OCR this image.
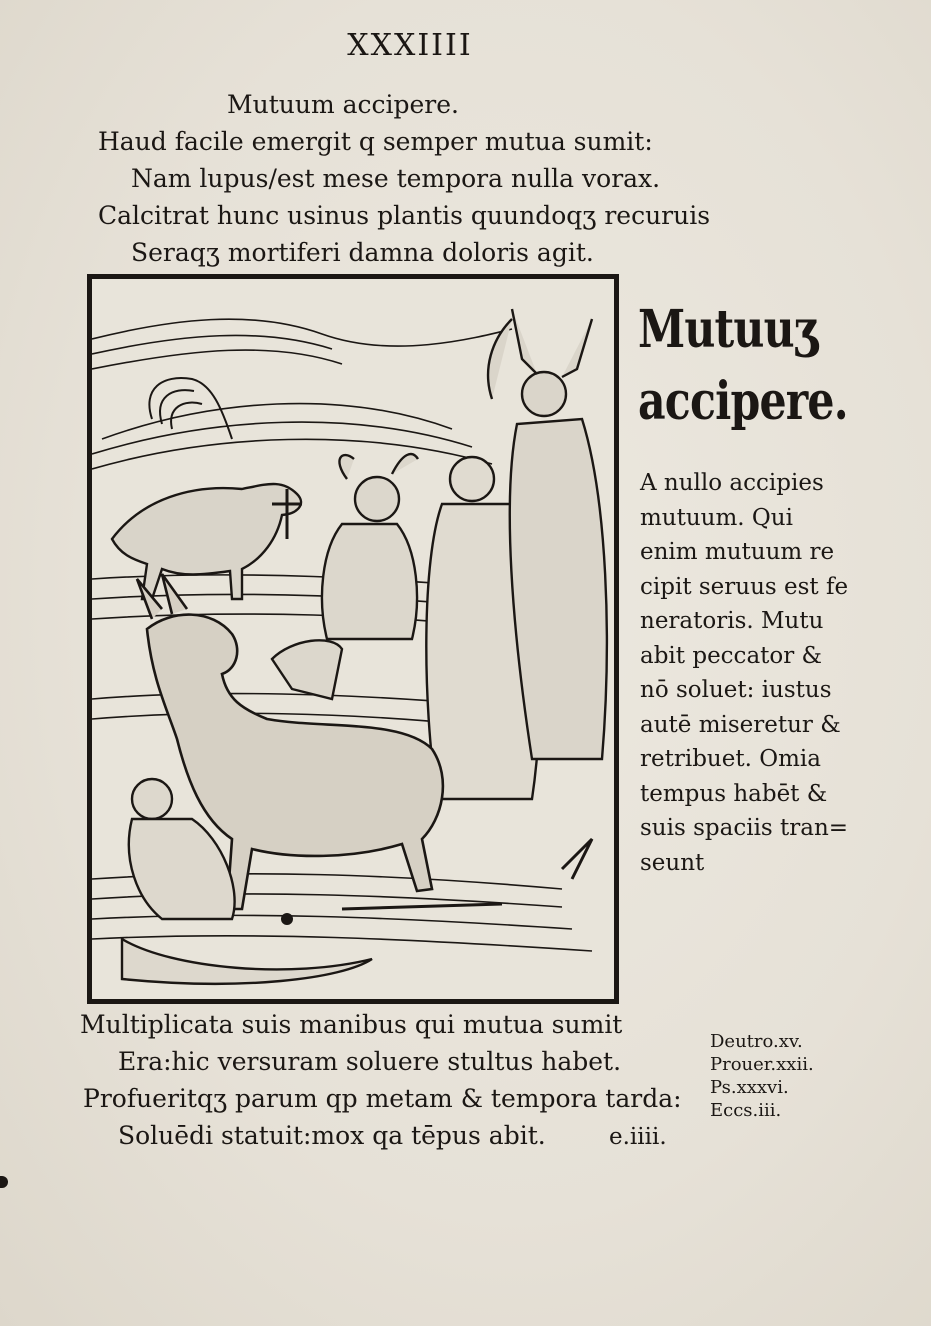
XXXIIII
Mutuum accipere.
Haud facile emergit q semper mutua sumit:
Nam lupus/est mese tempora nulla vorax.
Calcitrat hunc usinus plantis quundoqʒ recuruis
Seraqʒ mortiferi damna doloris agit.
Mutuuʒ
accipere.
A nullo accipies
mutuum. Qui
enim mutuum re
cipit seruus est fe
neratoris. Mutu
abit peccator &
nō soluet: iustus
autē miseretur &
retribuet. Omia
tempus habēt &
suis spaciis tran=
seunt
Multiplicata suis manibus qui mutua sumit
Era:hic versuram soluere stultus habet.
Profueritqʒ parum qp metam & tempora tarda:
Soluēdi statuit:mox qa tēpus abit.	e.iiii.
Deutro.xv.
Prouer.xxii.
Ps.xxxvi.
Eccs.iii.
